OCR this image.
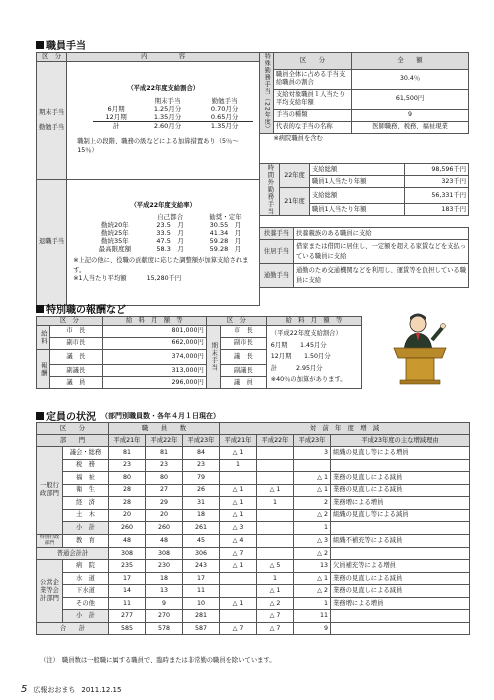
職員手当
区　分	内　　　　　容
期末手当

勤勉手当	
（平成22年度支給割合）
	期末手当	勤勉手当
6月期	1.25月分	0.70月分
12月期	1.35月分	0.65月分
計	2.60月分	1.35月分
職制上の段階、職務の級などによる加算措置あり（5％～15％）

退職手当	
（平成22年度支給率）
	自己都合	勧奨・定年
勤続20年	23.5　月	30.55　月
勤続25年	33.5　月	41.34　月
勤続35年	47.5　月	59.28　月
最高限度額	58.3　月	59.28　月
※上記の他に、役職の貢献度に応じた調整額が加算支給されます。
※1人当たり平均額	15,280千円
特殊勤務手当（22年度）	区　　分	全　　額
	職員全体に占める手当支給職員の割合	30.4％
	支給対象職員１人当たり平均支給年額	61,500円
	手当の種類	9
	代表的な手当の名称	医師職務、税務、福祉現業
※病院職員を含む		
時間外勤務手当	22年度	支給総額	98,596千円
		職員1人当たり年額	323千円
	21年度	支給総額	56,331千円
		職員1人当たり年額	183千円
扶養手当	扶養親族のある職員に支給
住居手当	借家または借間に居住し、一定額を超える家賃などを支払っている職員に支給
通勤手当	通勤のため交通機関などを利用し、運賃等を負担している職員に支給
特別職の報酬など
区　分		給　料　月　額　等	区　分		給　料　月　額　等
給料	市　長	801,000円	期末手当	市　長	（平成22年度支給割合）
6月期　　1.45月分
12月期　　1.50月分
計　　　2.95月分
※40％の加算があります。

	副市長	662,000円		副市長	
報酬	議　長	374,000円		議　長	
	副議長	313,000円		副議長	
	議　員	296,000円		議　員	
定員の状況 （部門別職員数・各年４月１日現在）
区　　分		職　　員　　数			対　前　年　度　増　減			
部　　門		平成21年	平成22年	平成23年	平成21年	平成22年	平成23年	平成23年度の主な増減理由
一般行政部門	議会・総務	81	81	84	△ 1		3	組織の見直し等による増員
	税　務	23	23	23	1			
	福　祉	80	80	79			△ 1	業務の見直しによる減員
	衛　生	28	27	26	△ 1	△ 1	△ 1	業務の見直しによる減員
	経　済	28	29	31	△ 1	1	2	業務増による増員
	土　木	20	20	18	△ 1		△ 2	組織の見直し等による減員
	小　計	260	260	261	△ 3		1	
特別行政部門	教　育	48	48	45	△ 4		△ 3	組織不補充等による減員
普通会計計		308	308	306	△ 7		△ 2	
公営企業等会計部門	病　院	235	230	243	△ 1	△ 5	13	欠員補充等による増員
	水　道	17	18	17		1	△ 1	業務の見直しによる減員
	下水道	14	13	11		△ 1	△ 2	業務の見直しによる減員
	その他	11	9	10	△ 1	△ 2	1	業務増による増員
	小　計	277	270	281		△ 7	11	
合　　計		585	578	587	△ 7	△ 7	9	
（注）　職員数は一般職に属する職員で、臨時または非常勤の職員を除いています。
5 広報おおまち 2011.12.15
